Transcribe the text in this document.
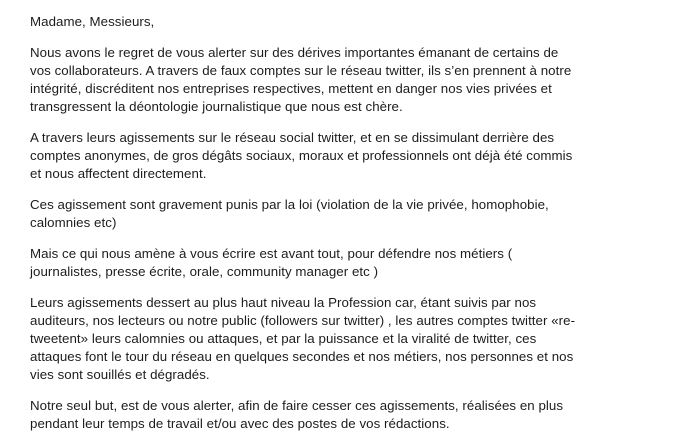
Madame, Messieurs,
Nous avons le regret de vous alerter sur des dérives importantes émanant de certains de
vos collaborateurs. A travers de faux comptes sur le réseau twitter, ils s’en prennent à notre
intégrité, discréditent nos entreprises respectives, mettent en danger nos vies privées et
transgressent la déontologie journalistique que nous est chère.
A travers leurs agissements sur le réseau social twitter, et en se dissimulant derrière des
comptes anonymes, de gros dégâts sociaux, moraux et professionnels ont déjà été commis
et nous affectent directement.
Ces agissement sont gravement punis par la loi (violation de la vie privée, homophobie,
calomnies etc)
Mais ce qui nous amène à vous écrire est avant tout, pour défendre nos métiers (
journalistes, presse écrite, orale, community manager etc )
Leurs agissements dessert au plus haut niveau la Profession car, étant suivis par nos
auditeurs, nos lecteurs ou notre public (followers sur twitter) , les autres comptes twitter «re-
tweetent» leurs calomnies ou attaques, et par la puissance et la viralité de twitter, ces
attaques font le tour du réseau en quelques secondes et nos métiers, nos personnes et nos
vies sont souillés et dégradés.
Notre seul but, est de vous alerter, afin de faire cesser ces agissements, réalisées en plus
pendant leur temps de travail et/ou avec des postes de vos rédactions.
